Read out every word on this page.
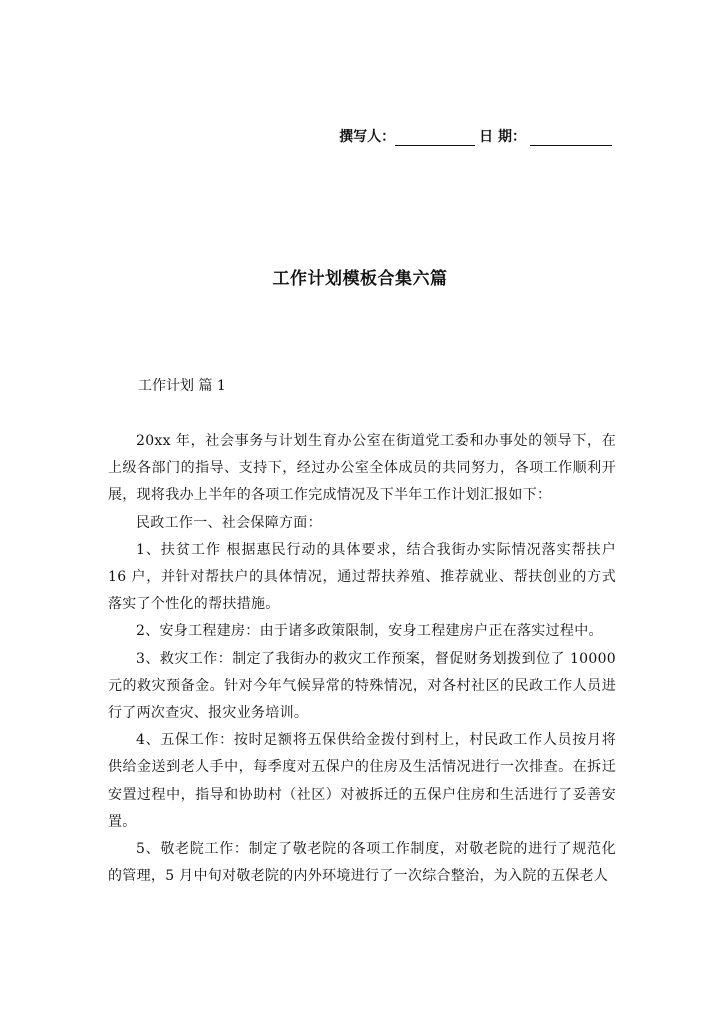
撰写人：	日 期：
工作计划模板合集六篇
工作计划 篇 1

20xx 年，社会事务与计划生育办公室在街道党工委和办事处的领导下，在上级各部门的指导、支持下，经过办公室全体成员的共同努力，各项工作顺利开展，现将我办上半年的各项工作完成情况及下半年工作计划汇报如下：

民政工作一、社会保障方面：

1、扶贫工作 根据惠民行动的具体要求，结合我街办实际情况落实帮扶户 16 户，并针对帮扶户的具体情况，通过帮扶养殖、推荐就业、帮扶创业的方式落实了个性化的帮扶措施。

2、安身工程建房：由于诸多政策限制，安身工程建房户正在落实过程中。

3、救灾工作：制定了我街办的救灾工作预案，督促财务划拨到位了 10000 元的救灾预备金。针对今年气候异常的特殊情况，对各村社区的民政工作人员进行了两次查灾、报灾业务培训。

4、五保工作：按时足额将五保供给金拨付到村上，村民政工作人员按月将供给金送到老人手中，每季度对五保户的住房及生活情况进行一次排查。在拆迁安置过程中，指导和协助村（社区）对被拆迁的五保户住房和生活进行了妥善安置。

5、敬老院工作：制定了敬老院的各项工作制度，对敬老院的进行了规范化的管理，5 月中旬对敬老院的内外环境进行了一次综合整治，为入院的五保老人
